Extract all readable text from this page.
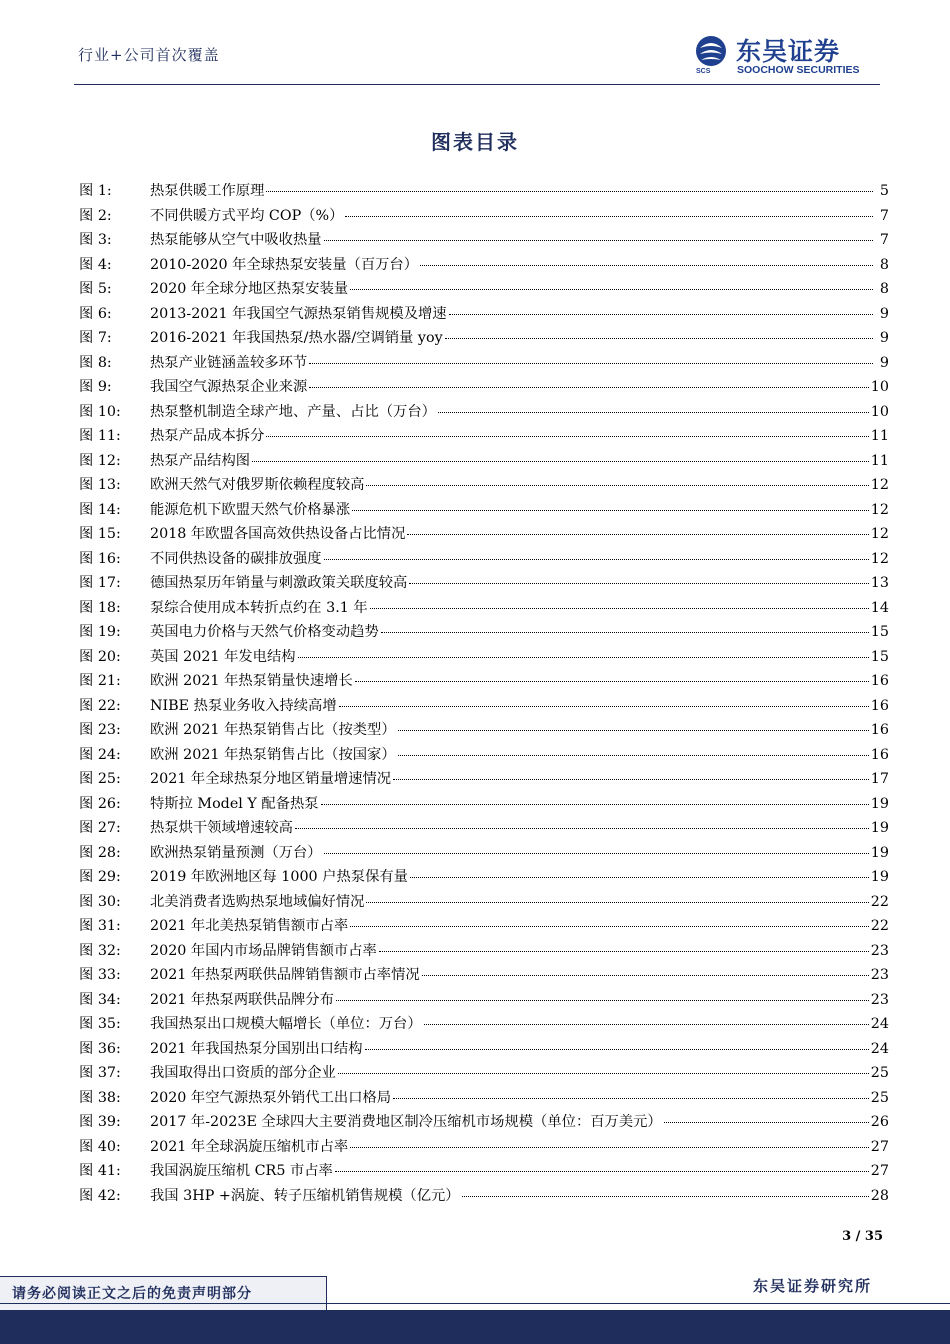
行业+公司首次覆盖
SCS
东吴证券
SOOCHOW SECURITIES
图表目录
图 1:	热泵供暖工作原理	5
图 2:	不同供暖方式平均 COP（%）	7
图 3:	热泵能够从空气中吸收热量	7
图 4:	2010-2020 年全球热泵安装量（百万台）	8
图 5:	2020 年全球分地区热泵安装量	8
图 6:	2013-2021 年我国空气源热泵销售规模及增速	9
图 7:	2016-2021 年我国热泵/热水器/空调销量 yoy	9
图 8:	热泵产业链涵盖较多环节	9
图 9:	我国空气源热泵企业来源	10
图 10:	热泵整机制造全球产地、产量、占比（万台）	10
图 11:	热泵产品成本拆分	11
图 12:	热泵产品结构图	11
图 13:	欧洲天然气对俄罗斯依赖程度较高	12
图 14:	能源危机下欧盟天然气价格暴涨	12
图 15:	2018 年欧盟各国高效供热设备占比情况	12
图 16:	不同供热设备的碳排放强度	12
图 17:	德国热泵历年销量与刺激政策关联度较高	13
图 18:	泵综合使用成本转折点约在 3.1 年	14
图 19:	英国电力价格与天然气价格变动趋势	15
图 20:	英国 2021 年发电结构	15
图 21:	欧洲 2021 年热泵销量快速增长	16
图 22:	NIBE 热泵业务收入持续高增	16
图 23:	欧洲 2021 年热泵销售占比（按类型）	16
图 24:	欧洲 2021 年热泵销售占比（按国家）	16
图 25:	2021 年全球热泵分地区销量增速情况	17
图 26:	特斯拉 Model Y 配备热泵	19
图 27:	热泵烘干领域增速较高	19
图 28:	欧洲热泵销量预测（万台）	19
图 29:	2019 年欧洲地区每 1000 户热泵保有量	19
图 30:	北美消费者选购热泵地域偏好情况	22
图 31:	2021 年北美热泵销售额市占率	22
图 32:	2020 年国内市场品牌销售额市占率	23
图 33:	2021 年热泵两联供品牌销售额市占率情况	23
图 34:	2021 年热泵两联供品牌分布	23
图 35:	我国热泵出口规模大幅增长（单位：万台）	24
图 36:	2021 年我国热泵分国别出口结构	24
图 37:	我国取得出口资质的部分企业	25
图 38:	2020 年空气源热泵外销代工出口格局	25
图 39:	2017 年-2023E 全球四大主要消费地区制冷压缩机市场规模（单位：百万美元）	26
图 40:	2021 年全球涡旋压缩机市占率	27
图 41:	我国涡旋压缩机 CR5 市占率	27
图 42:	我国 3HP +涡旋、转子压缩机销售规模（亿元）	28
3 / 35
请务必阅读正文之后的免责声明部分	东吴证券研究所
